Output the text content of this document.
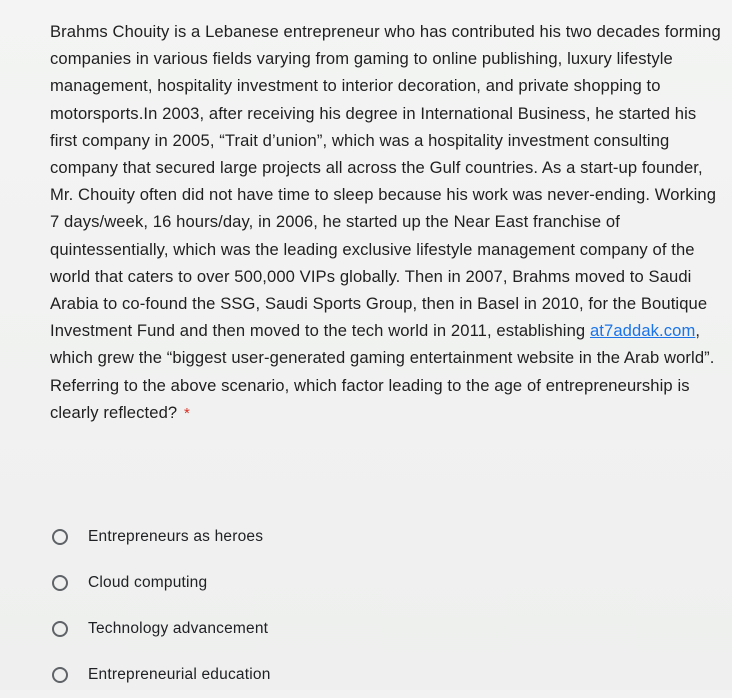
Brahms Chouity is a Lebanese entrepreneur who has contributed his two decades forming companies in various fields varying from gaming to online publishing, luxury lifestyle management, hospitality investment to interior decoration, and private shopping to motorsports.In 2003, after receiving his degree in International Business, he started his first company in 2005, “Trait d’union”, which was a hospitality investment consulting company that secured large projects all across the Gulf countries. As a start-up founder, Mr. Chouity often did not have time to sleep because his work was never-ending. Working 7 days/week, 16 hours/day, in 2006, he started up the Near East franchise of quintessentially, which was the leading exclusive lifestyle management company of the world that caters to over 500,000 VIPs globally. Then in 2007, Brahms moved to Saudi Arabia to co-found the SSG, Saudi Sports Group, then in Basel in 2010, for the Boutique Investment Fund and then moved to the tech world in 2011, establishing at7addak.com, which grew the “biggest user-generated gaming entertainment website in the Arab world”. Referring to the above scenario, which factor leading to the age of entrepreneurship is clearly reflected? *
Entrepreneurs as heroes
Cloud computing
Technology advancement
Entrepreneurial education
